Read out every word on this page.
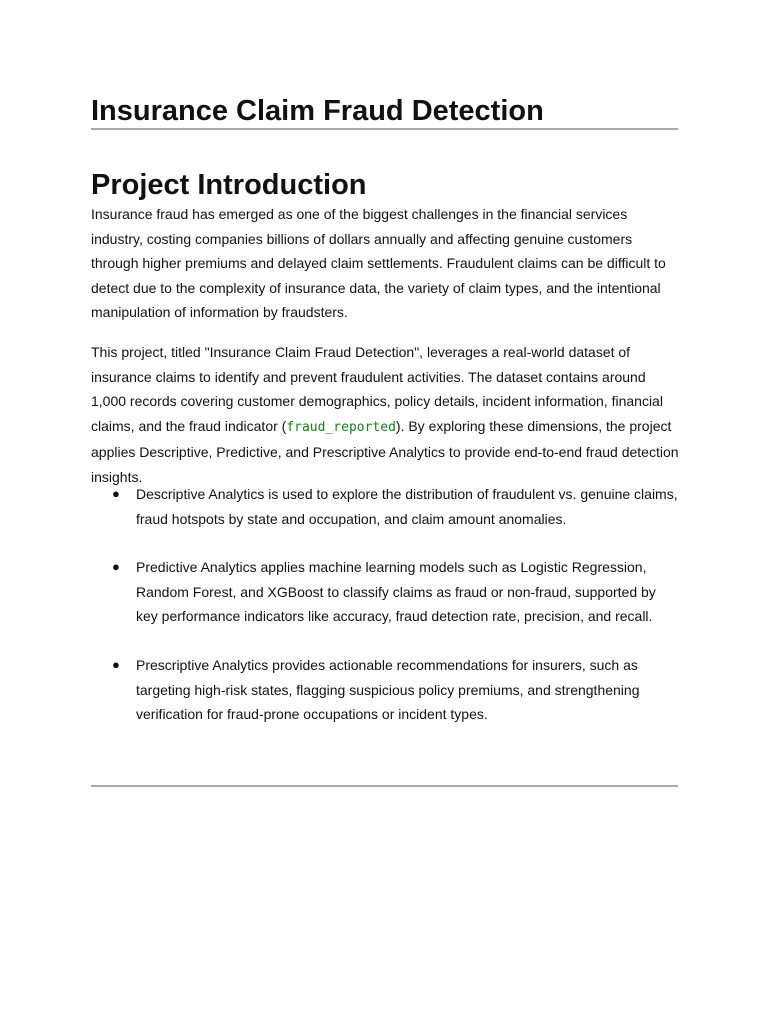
Insurance Claim Fraud Detection
Project Introduction

Insurance fraud has emerged as one of the biggest challenges in the financial services industry, costing companies billions of dollars annually and affecting genuine customers through higher premiums and delayed claim settlements. Fraudulent claims can be difficult to detect due to the complexity of insurance data, the variety of claim types, and the intentional manipulation of information by fraudsters.

This project, titled "Insurance Claim Fraud Detection", leverages a real-world dataset of insurance claims to identify and prevent fraudulent activities. The dataset contains around 1,000 records covering customer demographics, policy details, incident information, financial claims, and the fraud indicator (fraud_reported). By exploring these dimensions, the project applies Descriptive, Predictive, and Prescriptive Analytics to provide end-to-end fraud detection insights.

● Descriptive Analytics is used to explore the distribution of fraudulent vs. genuine claims, fraud hotspots by state and occupation, and claim amount anomalies.
● Predictive Analytics applies machine learning models such as Logistic Regression, Random Forest, and XGBoost to classify claims as fraud or non-fraud, supported by key performance indicators like accuracy, fraud detection rate, precision, and recall.
● Prescriptive Analytics provides actionable recommendations for insurers, such as targeting high-risk states, flagging suspicious policy premiums, and strengthening verification for fraud-prone occupations or incident types.
